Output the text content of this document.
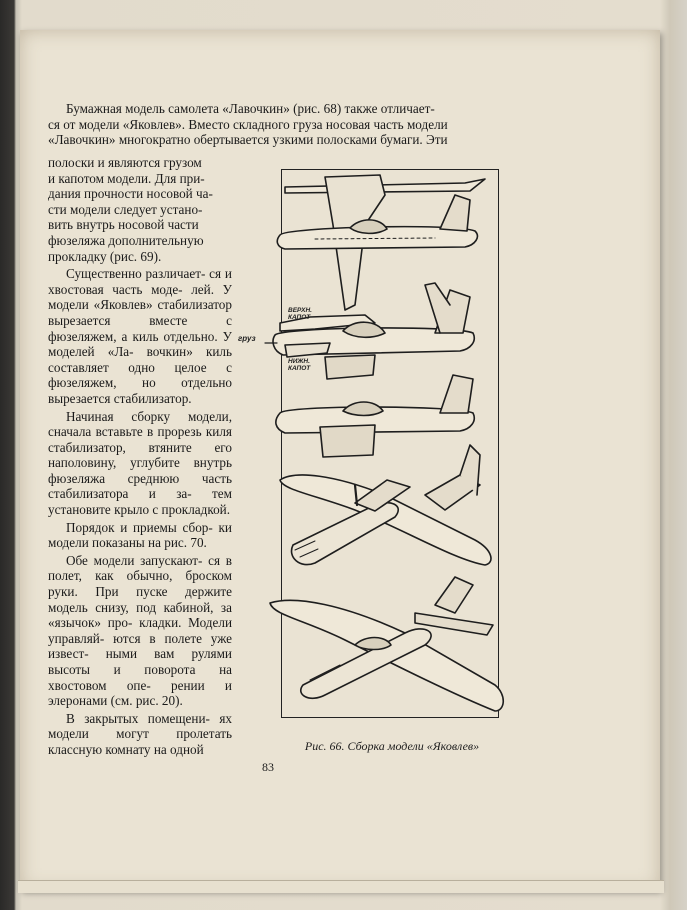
Бумажная модель самолета «Лавочкин» (рис. 68) также отличает-

ся от модели «Яковлев». Вместо складного груза носовая часть модели

«Лавочкин» многократно обертывается узкими полосками бумаги. Эти

полоски и являются грузом

и капотом модели. Для при-

дания прочности носовой ча-

сти модели следует устано-

вить внутрь носовой части

фюзеляжа дополнительную

прокладку (рис. 69).

Существенно различает- ся и хвостовая часть моде- лей. У модели «Яковлев» стабилизатор вырезается вместе с фюзеляжем, а киль отдельно. У моделей «Ла- вочкин» киль составляет одно целое с фюзеляжем, но отдельно вырезается стабилизатор.

Начиная сборку модели, сначала вставьте в прорезь киля стабилизатор, втяните его наполовину, углубите внутрь фюзеляжа среднюю часть стабилизатора и за- тем установите крыло с прокладкой.

Порядок и приемы сбор- ки модели показаны на рис. 70.

Обе модели запускают- ся в полет, как обычно, броском руки. При пуске держите модель снизу, под кабиной, за «язычок» про- кладки. Модели управляй- ются в полете уже извест- ными вам рулями высоты и поворота на хвостовом опе- рении и элеронами (см. рис. 20).

В закрытых помещени- ях модели могут пролетать классную комнату на одной

ВЕРХН.
КАПОТ
груз
НИЖН.
КАПОТ
Рис. 66. Сборка модели «Яковлев»
83
